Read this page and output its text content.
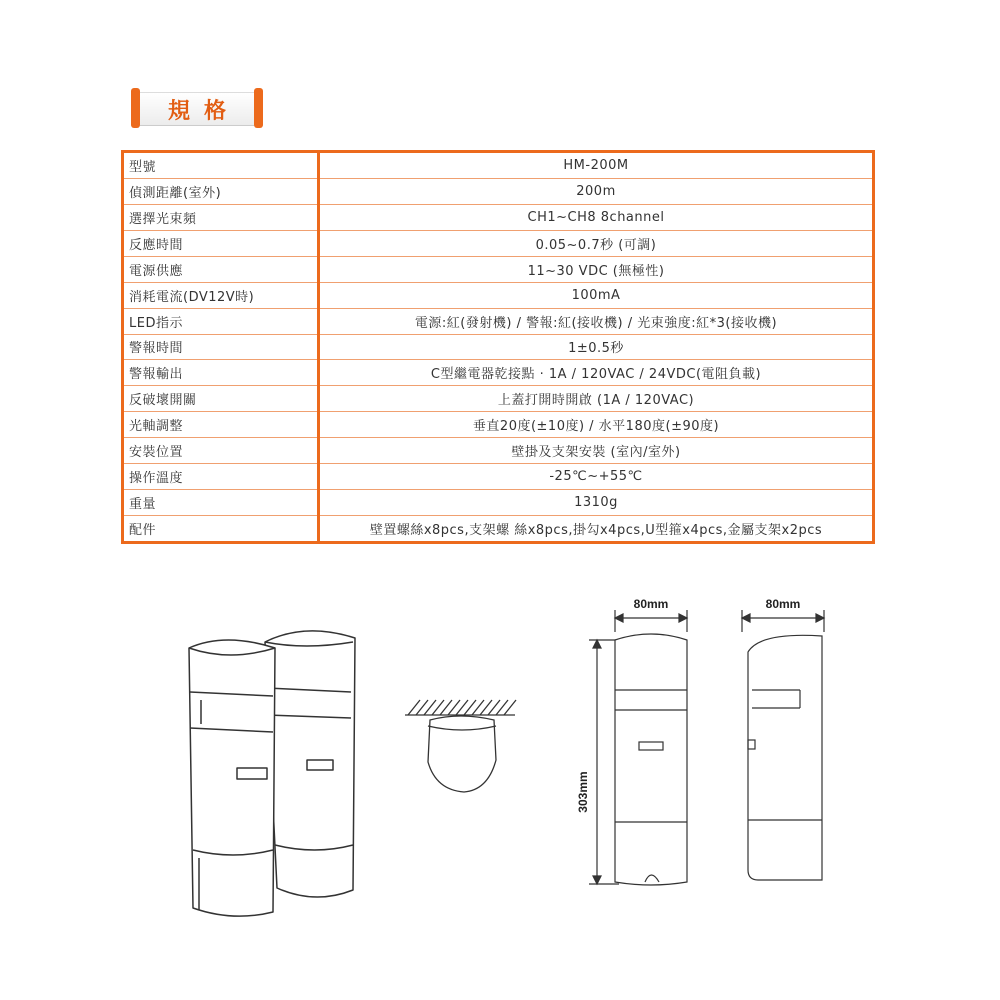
規格
型號	HM-200M
偵測距離(室外)	200m
選擇光束頻	CH1~CH8 8channel
反應時間	0.05~0.7秒 (可調)
電源供應	11~30 VDC (無極性)
消耗電流(DV12V時)	100mA
LED指示	電源:紅(發射機) / 警報:紅(接收機) / 光束強度:紅*3(接收機)
警報時間	1±0.5秒
警報輸出	C型繼電器乾接點 · 1A / 120VAC / 24VDC(電阻負載)
反破壞開關	上蓋打開時開啟 (1A / 120VAC)
光軸調整	垂直20度(±10度) / 水平180度(±90度)
安裝位置	壁掛及支架安裝 (室內/室外)
操作溫度	-25℃~+55℃
重量	1310g
配件	壁置螺絲x8pcs,支架螺 絲x8pcs,掛勾x4pcs,U型箍x4pcs,金屬支架x2pcs
80mm
303mm
80mm
